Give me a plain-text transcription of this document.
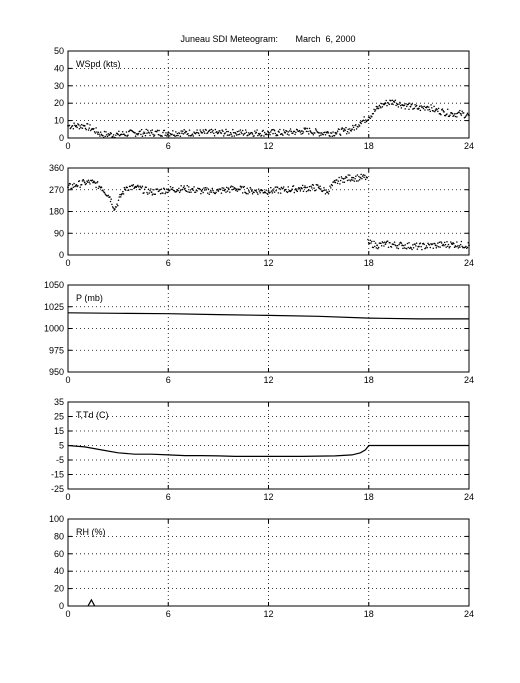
Juneau SDI Meteogram:       March  6, 2000
0	6	12	18	24
0
10
20
30
40
50
WSpd (kts)
0	6	12	18	24
0
90
180
270
360
0	6	12	18	24
950
975
1000
1025
1050
P (mb)
0	6	12	18	24
-25
-15
-5
5
15
25
35
T,Td (C)
0	6	12	18	24
0
20
40
60
80
100
RH (%)
